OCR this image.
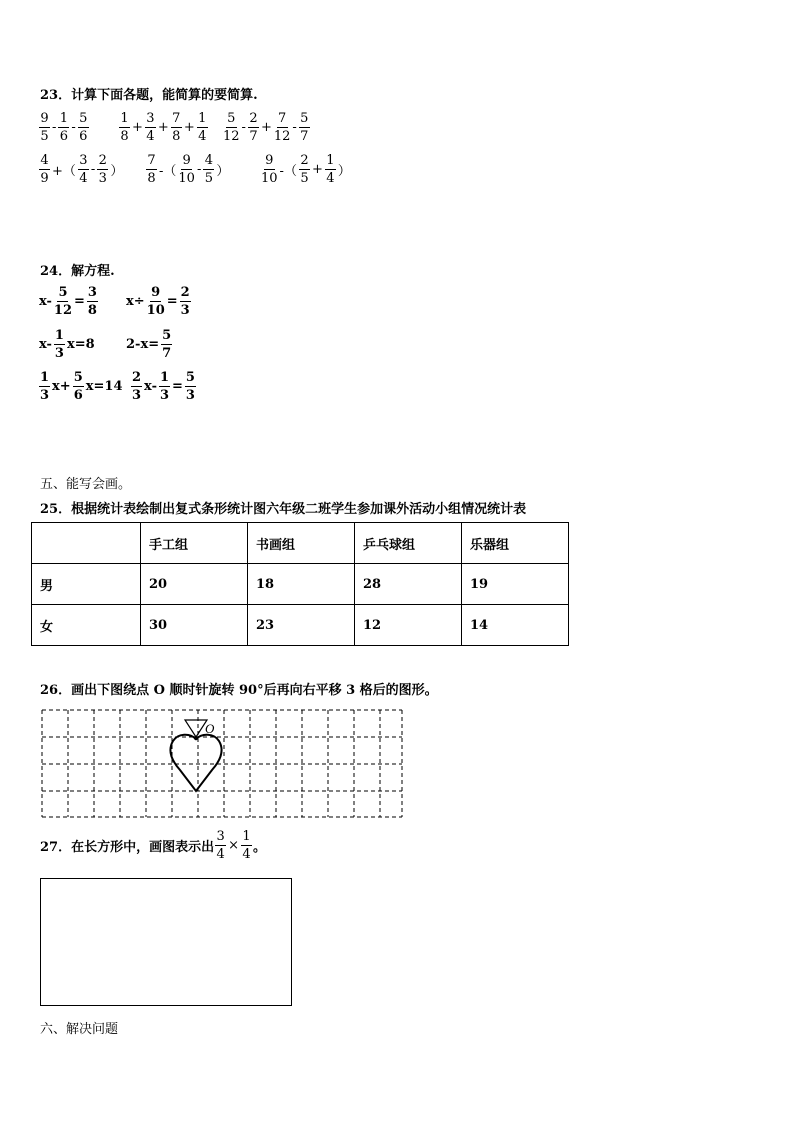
23．计算下面各题，能简算的要简算.
$\frac{9}{5} - \frac{1}{6} - \frac{5}{6} \frac{1}{8} + \frac{3}{4} + \frac{7}{8} + \frac{1}{4} \frac{5}{12} - \frac{2}{7} + \frac{7}{12} - \frac{5}{7}$
$\frac{4}{9}$ +（ $\frac{3}{4} - \frac{2}{3}$ ） $\frac{7}{8}$ -（ $\frac{9}{10} - \frac{4}{5}$ ） $\frac{9}{10}$ -（ $\frac{2}{5} + \frac{1}{4}$ ）
24．解方程.
$x- \frac{5}{12} = \frac{3}{8} x\div \frac{9}{10} = \frac{2}{3}$
$x- \frac{1}{3} x=8$ $2-x= \frac{5}{7}$
$\frac{1}{3} x+ \frac{5}{6} x=14 \frac{2}{3} x- \frac{1}{3} = \frac{5}{3}$
五、能写会画。
25．根据统计表绘制出复式条形统计图六年级二班学生参加课外活动小组情况统计表
	手工组	书画组	乒乓球组	乐器组
男	20	18	28	19
女	30	23	12	14
26．画出下图绕点 O 顺时针旋转 90°后再向右平移 3 格后的图形。
O
27．在长方形中，画图表示出 $\frac{3}{4} \times \frac{1}{4}$ 。
六、解决问题
